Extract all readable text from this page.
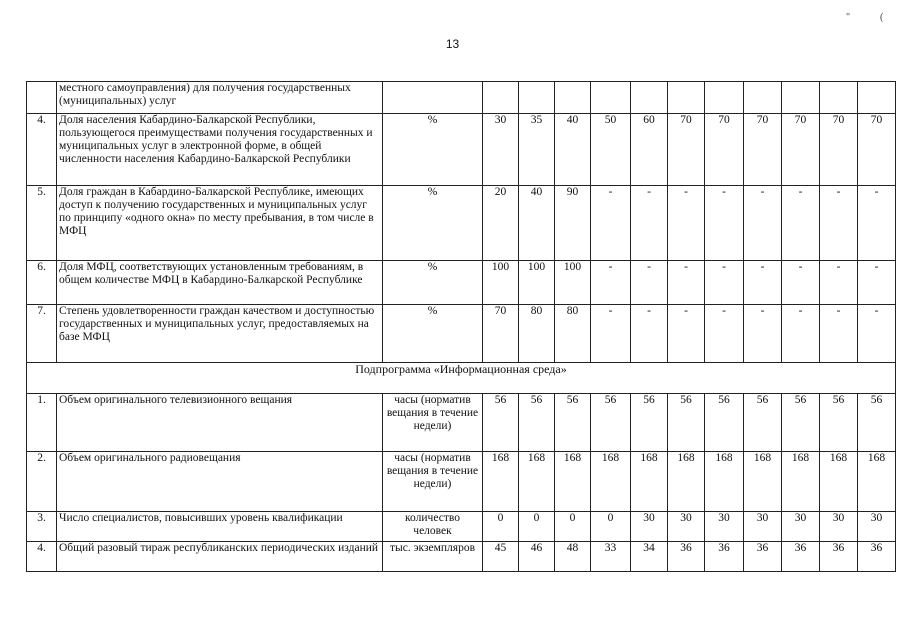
13
"	(
	местного самоуправления) для получения государственных (муниципальных) услуг												
4.	Доля населения Кабардино-Балкарской Республики, пользующегося преимуществами получения государственных и муниципальных услуг в электронной форме, в общей численности населения Кабардино-Балкарской Республики	%	30	35	40	50	60	70	70	70	70	70	70
5.	Доля граждан в Кабардино-Балкарской Республике, имеющих доступ к получению государственных и муниципальных услуг по принципу «одного окна» по месту пребывания, в том числе в МФЦ	%	20	40	90	-	-	-	-	-	-	-	-
6.	Доля МФЦ, соответствующих установленным требованиям, в общем количестве МФЦ в Кабардино-Балкарской Республике	%	100	100	100	-	-	-	-	-	-	-	-
7.	Степень удовлетворенности граждан качеством и доступностью государственных и муниципальных услуг, предоставляемых на базе МФЦ	%	70	80	80	-	-	-	-	-	-	-	-
Подпрограмма «Информационная среда»													
1.	Объем оригинального телевизионного вещания	часы (норматив вещания в течение недели)	56	56	56	56	56	56	56	56	56	56	56
2.	Объем оригинального радиовещания	часы (норматив вещания в течение недели)	168	168	168	168	168	168	168	168	168	168	168
3.	Число специалистов, повысивших уровень квалификации	количество человек	0	0	0	0	30	30	30	30	30	30	30
4.	Общий разовый тираж республиканских периодических изданий	тыс. экземпляров	45	46	48	33	34	36	36	36	36	36	36
